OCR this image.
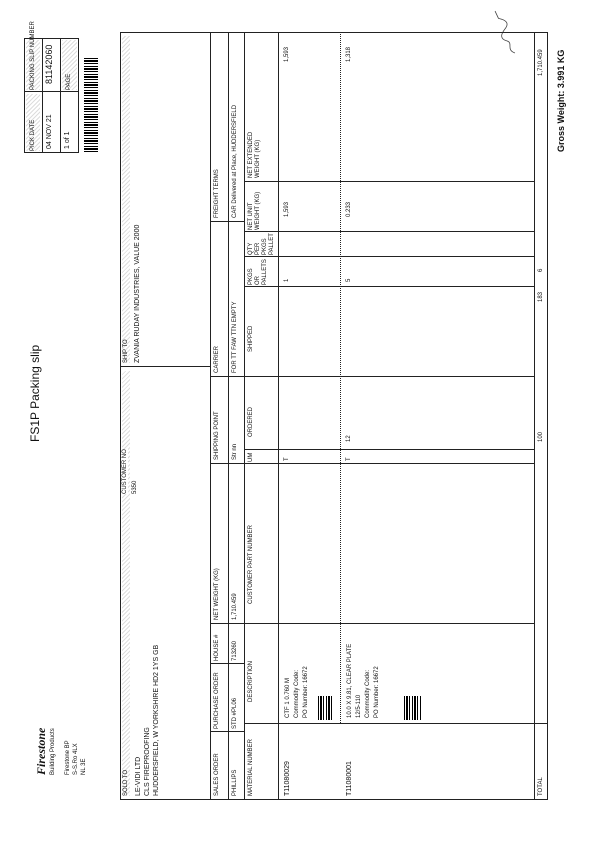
FS1P Packing slip
Firestone Building Products Firestone BP S-S.Ro 4LX NL 3E
PACKING SLIP NUMBER 81142060
PICK DATE	04 NOV 21
PAGE
1 of 1
SOLD TO
CUSTOMER NO 5350
LE-VIDI LTD CLS FIREPROOFING HUDDERSFIELD, W YORKSHIRE HD2 1YS GB
SHIP TO ZVANIA RUDAY INDUSTRIES, VALUE 2000
SALES ORDER
PURCHASE ORDER
HOUSE #
NET WEIGHT (KG)
SHIPPING POINT
CARRIER
FREIGHT TERMS
PHILLIPS
STD #PL06
713260
1,710.459
Str nn
FOR TT FAW TTN EMPTY
CAR Delivered at Place, HUDDERSFIELD
MATERIAL NUMBER
DESCRIPTION
CUSTOMER PART NUMBER
UM
ORDERED
SHIPPED
PKGS OR PALLETS
QTY PER PKGS PALLET
NET UNIT WEIGHT (KG)
NET EXTENDED WEIGHT (KG)
T11080029
CTF 1 0.760 M Commodity Code: PO Number: 16672
T
1
1,593
1,593
T11080001
10.0 X 9.81, CLEAR PLATE 12/5-110 Commodity Code: PO Number: 16672
T
12
5
0.233
1,318
TOTAL
100
183
6
1,710.459
Gross Weight: 3.991 KG
